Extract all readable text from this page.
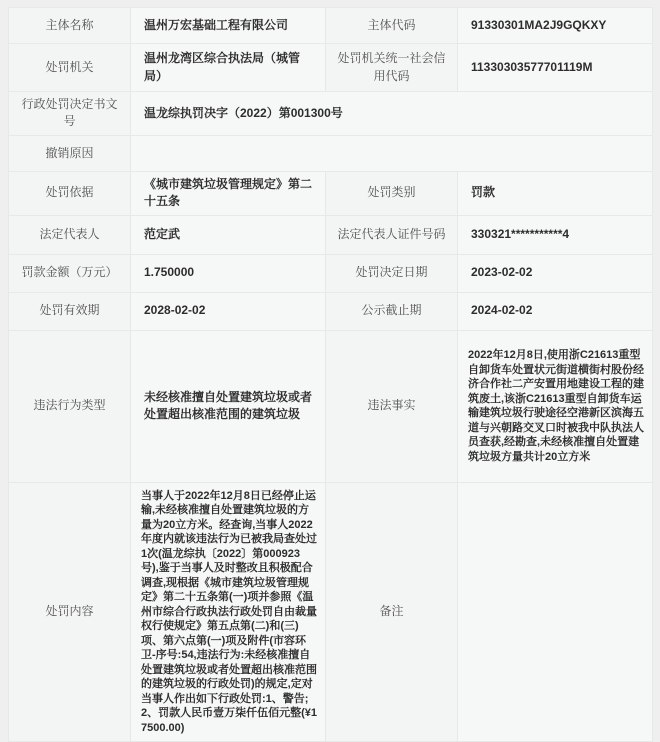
主体名称	温州万宏基础工程有限公司	主体代码	91330301MA2J9GQKXY
处罚机关	温州龙湾区综合执法局（城管局）	处罚机关统一社会信用代码	11330303577701119M
行政处罚决定书文号	温龙综执罚决字（2022）第001300号		
撤销原因			
处罚依据	《城市建筑垃圾管理规定》第二十五条	处罚类别	罚款
法定代表人	范定武	法定代表人证件号码	330321***********4
罚款金额（万元）	1.750000	处罚决定日期	2023-02-02
处罚有效期	2028-02-02	公示截止期	2024-02-02
违法行为类型	未经核准擅自处置建筑垃圾或者处置超出核准范围的建筑垃圾	违法事实	2022年12月8日,使用浙C21613重型自卸货车处置状元街道横街村股份经济合作社二产安置用地建设工程的建筑废土,该浙C21613重型自卸货车运输建筑垃圾行驶途径空港新区滨海五道与兴朝路交叉口时被我中队执法人员查获,经勘查,未经核准擅自处置建筑垃圾方量共计20立方米
处罚内容	当事人于2022年12月8日已经停止运输,未经核准擅自处置建筑垃圾的方量为20立方米。经查询,当事人2022年度内就该违法行为已被我局查处过1次(温龙综执〔2022〕第000923号),鉴于当事人及时整改且积极配合调查,现根据《城市建筑垃圾管理规定》第二十五条第(一)项并参照《温州市综合行政执法行政处罚自由裁量权行使规定》第五点第(二)和(三)项、第六点第(一)项及附件(市容环卫-序号:54,违法行为:未经核准擅自处置建筑垃圾或者处置超出核准范围的建筑垃圾的行政处罚)的规定,定对当事人作出如下行政处罚:1、警告;2、罚款人民币壹万柒仟伍佰元整(¥17500.00)	备注	
